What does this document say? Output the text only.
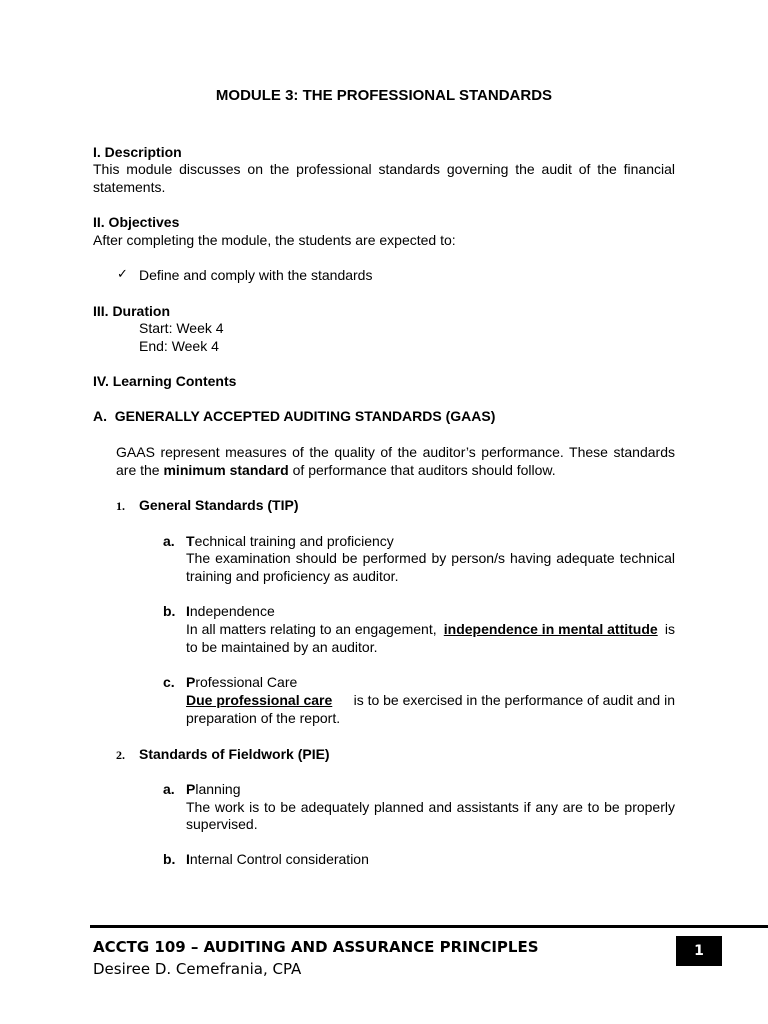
MODULE 3: THE PROFESSIONAL STANDARDS
I. Description
This module discusses on the professional standards governing the audit of the financial statements.
II. Objectives
After completing the module, the students are expected to:
✓ Define and comply with the standards
III. Duration
Start: Week 4
End: Week 4
IV. Learning Contents
A.  GENERALLY ACCEPTED AUDITING STANDARDS (GAAS)
GAAS represent measures of the quality of the auditor’s performance. These standards
are the minimum standard of performance that auditors should follow.
1. General Standards (TIP)
a. Technical training and proficiency
The examination should be performed by person/s having adequate technical
training and proficiency as auditor.
b. Independence
In all matters relating to an engagement, independence in mental attitude is
to be maintained by an auditor.
c. Professional Care
Due professional care is to be exercised in the performance of audit and in
preparation of the report.
2. Standards of Fieldwork (PIE)
a. Planning
The work is to be adequately planned and assistants if any are to be properly
supervised.
b. Internal Control consideration
ACCTG 109 – AUDITING AND ASSURANCE PRINCIPLES
Desiree D. Cemefrania, CPA
1
